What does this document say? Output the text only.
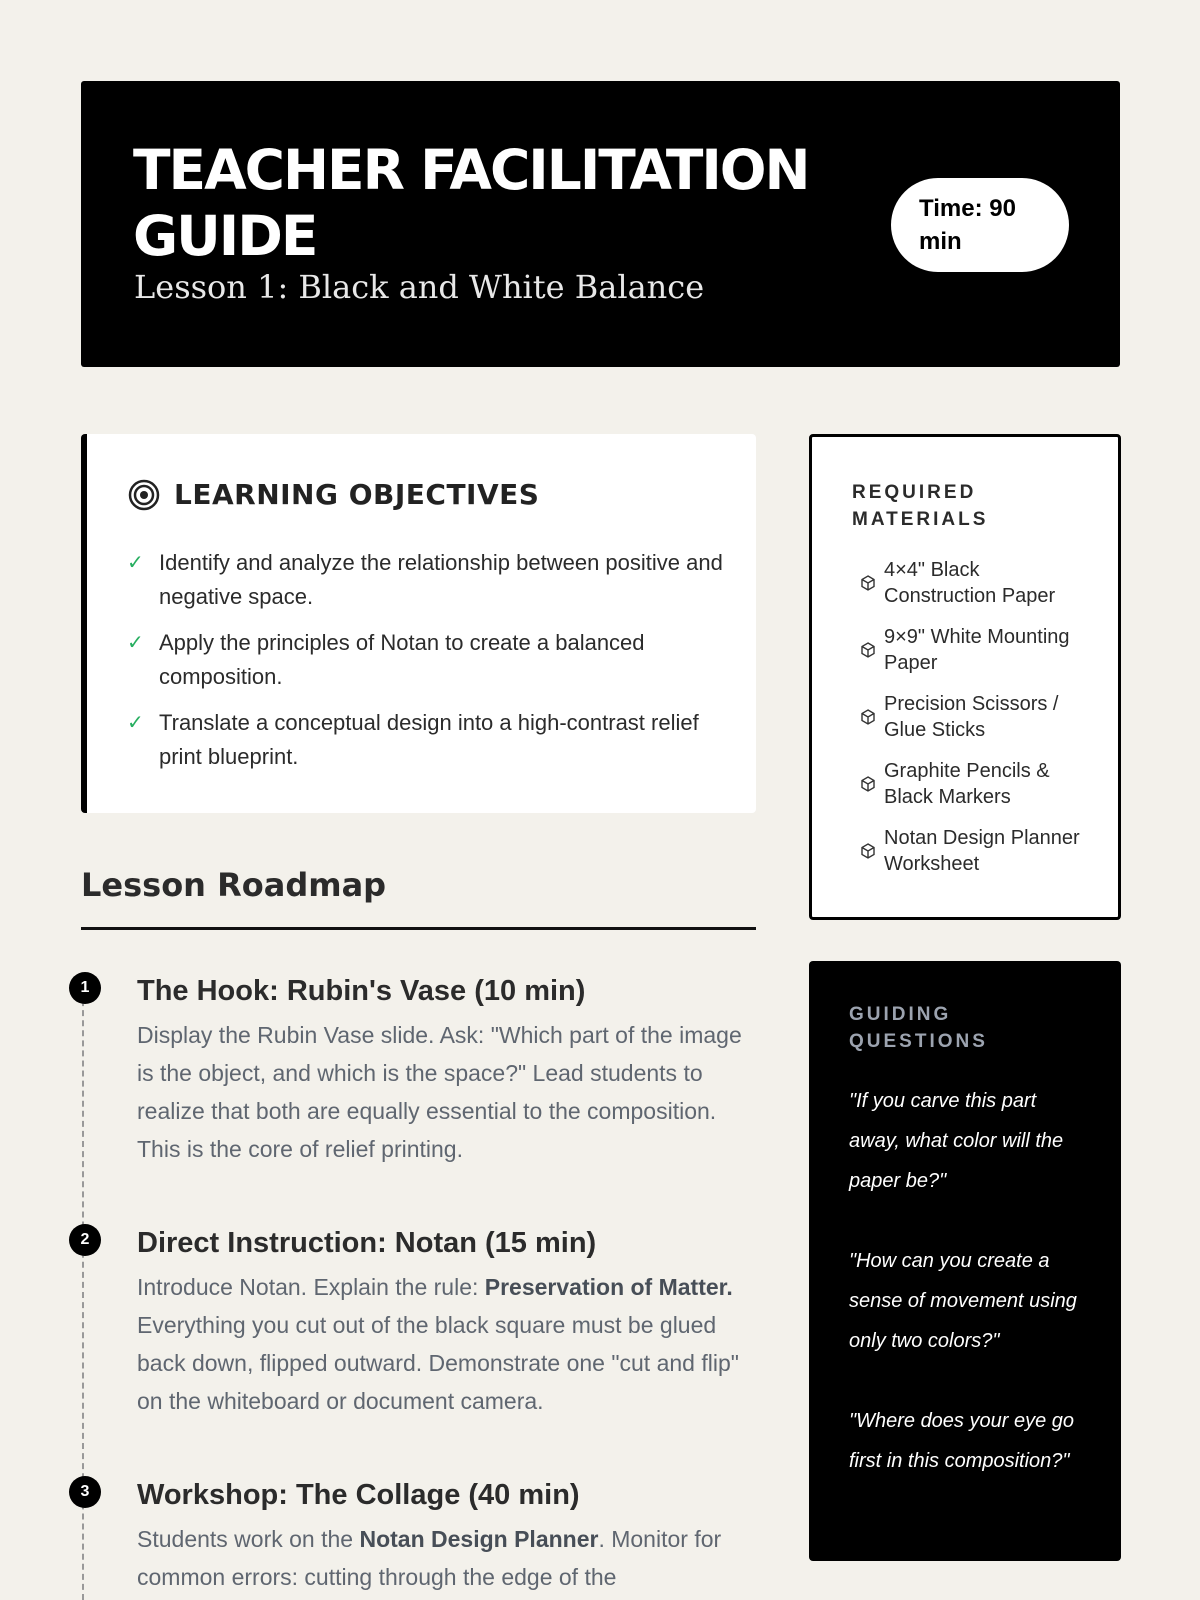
TEACHER FACILITATION GUIDE

Lesson 1: Black and White Balance

Time: 90 min
LEARNING OBJECTIVES
✓ Identify and analyze the relationship between positive and negative space.
✓ Apply the principles of Notan to create a balanced composition.
✓ Translate a conceptual design into a high-contrast relief print blueprint.
Lesson Roadmap
1	The Hook: Rubin's Vase (10 min)

Display the Rubin Vase slide. Ask: "Which part of the image is the object, and which is the space?" Lead students to realize that both are equally essential to the composition. This is the core of relief printing.

2	Direct Instruction: Notan (15 min)

Introduce Notan. Explain the rule: Preservation of Matter. Everything you cut out of the black square must be glued back down, flipped outward. Demonstrate one "cut and flip" on the whiteboard or document camera.

3	Workshop: The Collage (40 min)

Students work on the Notan Design Planner. Monitor for common errors: cutting through the edge of the

REQUIRED MATERIALS
4×4" Black Construction Paper
9×9" White Mounting Paper
Precision Scissors / Glue Sticks
Graphite Pencils & Black Markers
Notan Design Planner Worksheet
GUIDING QUESTIONS
"If you carve this part away, what color will the paper be?"
"How can you create a sense of movement using only two colors?"
"Where does your eye go first in this composition?"
